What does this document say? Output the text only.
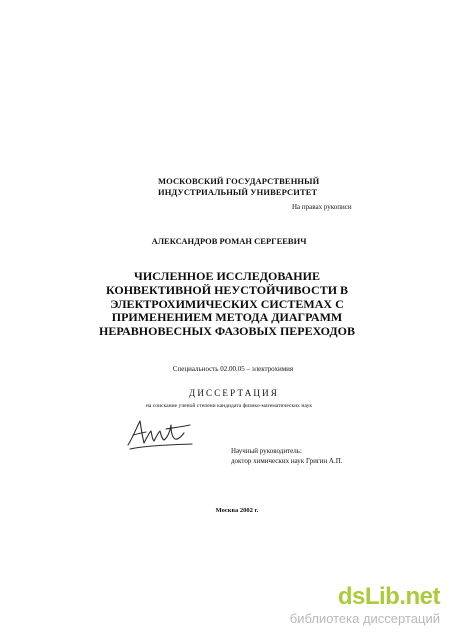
МОСКОВСКИЙ ГОСУДАРСТВЕННЫЙ
ИНДУСТРИАЛЬНЫЙ УНИВЕРСИТЕТ
На правах рукописи
АЛЕКСАНДРОВ РОМАН СЕРГЕЕВИЧ
ЧИСЛЕННОЕ ИССЛЕДОВАНИЕ
КОНВЕКТИВНОЙ НЕУСТОЙЧИВОСТИ В
ЭЛЕКТРОХИМИЧЕСКИХ СИСТЕМАХ С
ПРИМЕНЕНИЕМ МЕТОДА ДИАГРАММ
НЕРАВНОВЕСНЫХ ФАЗОВЫХ ПЕРЕХОДОВ
Специальность 02.00.05 – электрохимия
ДИССЕРТАЦИЯ
на соискание ученой степени кандидата физико-математических наук
Научный руководитель:
доктор химических наук Григин А.П.
Москва 2002 г.
dsLib.net
библиотека диссертаций
